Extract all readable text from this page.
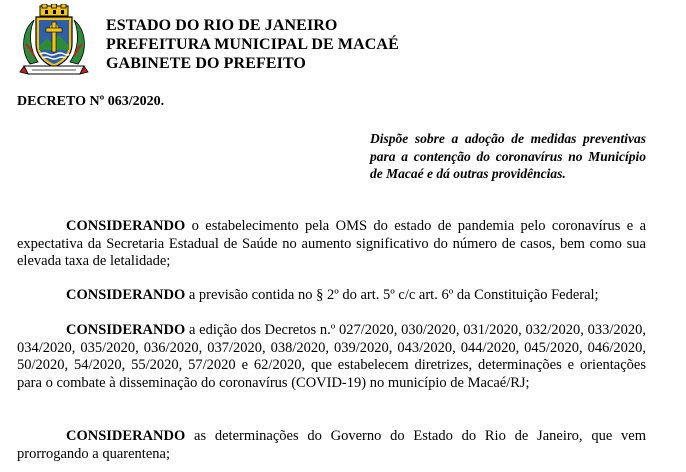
ESTADO DO RIO DE JANEIRO
PREFEITURA MUNICIPAL DE MACAÉ
GABINETE DO PREFEITO
DECRETO Nº 063/2020.
Dispõe sobre a adoção de medidas preventivas para a contenção do coronavírus no Município de Macaé e dá outras providências.
CONSIDERANDO o estabelecimento pela OMS do estado de pandemia pelo coronavírus e a expectativa da Secretaria Estadual de Saúde no aumento significativo do número de casos, bem como sua elevada taxa de letalidade;
CONSIDERANDO a previsão contida no § 2º do art. 5º c/c art. 6º da Constituição Federal;
CONSIDERANDO a edição dos Decretos n.º 027/2020, 030/2020, 031/2020, 032/2020, 033/2020, 034/2020, 035/2020, 036/2020, 037/2020, 038/2020, 039/2020, 043/2020, 044/2020, 045/2020, 046/2020, 50/2020, 54/2020, 55/2020, 57/2020 e 62/2020, que estabelecem diretrizes, determinações e orientações para o combate à disseminação do coronavírus (COVID-19) no município de Macaé/RJ;
CONSIDERANDO as determinações do Governo do Estado do Rio de Janeiro, que vem prorrogando a quarentena;
